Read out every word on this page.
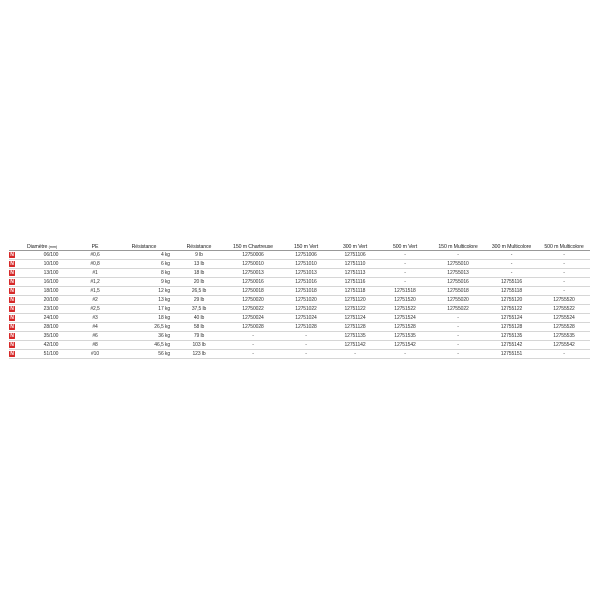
	Diamètre (mm)	PE	Résistance	Résistance	150 m Chartreuse	150 m Vert	300 m Vert	500 m Vert	150 m Multicolore	300 m Multicolore	500 m Multicolore
N	06/100	#0,6	4 kg	9 lb	12750006	12751006	12751106	-	-	-	-
N	10/100	#0,8	6 kg	13 lb	12750010	12751010	12751110	-	12755010	-	-
N	13/100	#1	8 kg	18 lb	12750013	12751013	12751113	-	12755013	-	-
N	16/100	#1,2	9 kg	20 lb	12750016	12751016	12751116	-	12755016	12755116	-
N	18/100	#1,5	12 kg	26,5 lb	12750018	12751018	12751118	12751518	12755018	12755118	-
N	20/100	#2	13 kg	29 lb	12750020	12751020	12751120	12751520	12755020	12755120	12755520
N	23/100	#2,5	17 kg	37,5 lb	12750022	12751022	12751122	12751522	12755022	12755122	12755522
N	24/100	#3	18 kg	40 lb	12750024	12751024	12751124	12751524	-	12755124	12755524
N	28/100	#4	26,5 kg	58 lb	12750028	12751028	12751128	12751528	-	12755128	12755528
N	35/100	#6	36 kg	79 lb	-	-	12751135	12751535	-	12755135	12755535
N	42/100	#8	46,5 kg	103 lb	-	-	12751142	12751542	-	12755142	12755542
N	51/100	#10	56 kg	123 lb	-	-	-	-	-	12755151	-
